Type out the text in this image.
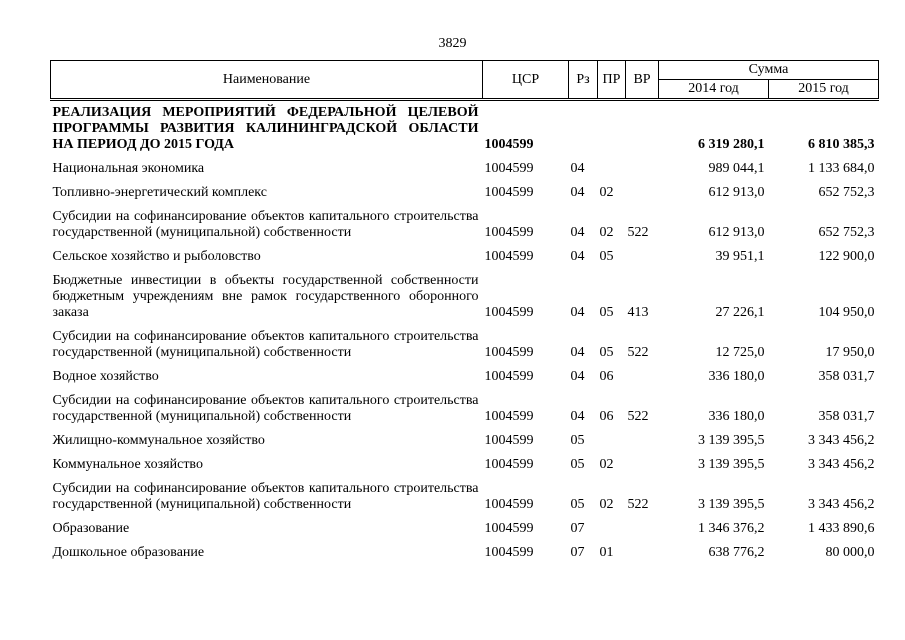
3829
Наименование	ЦСР	Рз	ПР	ВР	Сумма	
					2014 год	2015 год
РЕАЛИЗАЦИЯ МЕРОПРИЯТИЙ ФЕДЕРАЛЬНОЙ ЦЕЛЕВОЙ ПРОГРАММЫ РАЗВИТИЯ КАЛИНИНГРАДСКОЙ ОБЛАСТИ НА ПЕРИОД ДО 2015 ГОДА	1004599				6 319 280,1	6 810 385,3
Национальная экономика	1004599	04			989 044,1	1 133 684,0
Топливно-энергетический комплекс	1004599	04	02		612 913,0	652 752,3
Субсидии на софинансирование объектов капитального строительства государственной (муниципальной) собственности	1004599	04	02	522	612 913,0	652 752,3
Сельское хозяйство и рыболовство	1004599	04	05		39 951,1	122 900,0
Бюджетные инвестиции в объекты государственной собственности бюджетным учреждениям вне рамок государственного оборонного заказа	1004599	04	05	413	27 226,1	104 950,0
Субсидии на софинансирование объектов капитального строительства государственной (муниципальной) собственности	1004599	04	05	522	12 725,0	17 950,0
Водное хозяйство	1004599	04	06		336 180,0	358 031,7
Субсидии на софинансирование объектов капитального строительства государственной (муниципальной) собственности	1004599	04	06	522	336 180,0	358 031,7
Жилищно-коммунальное хозяйство	1004599	05			3 139 395,5	3 343 456,2
Коммунальное хозяйство	1004599	05	02		3 139 395,5	3 343 456,2
Субсидии на софинансирование объектов капитального строительства государственной (муниципальной) собственности	1004599	05	02	522	3 139 395,5	3 343 456,2
Образование	1004599	07			1 346 376,2	1 433 890,6
Дошкольное образование	1004599	07	01		638 776,2	80 000,0
